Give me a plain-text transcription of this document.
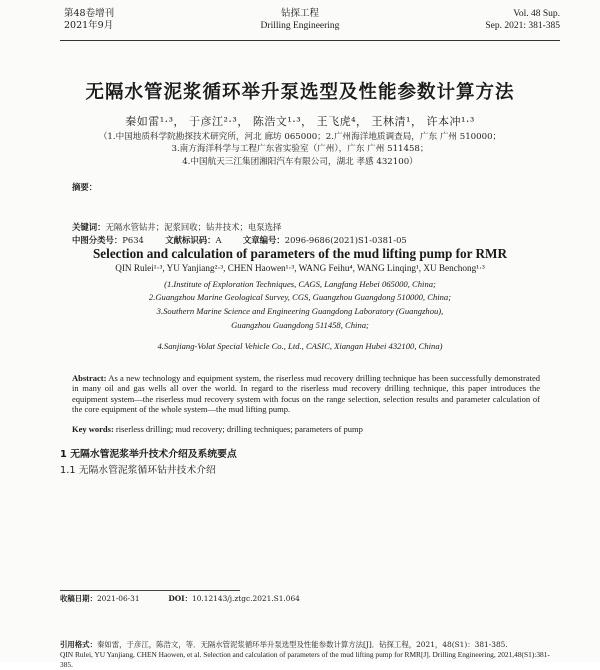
第48卷增刊
2021年9月
钻探工程
Drilling Engineering
Vol. 48 Sup.
Sep. 2021: 381-385
无隔水管泥浆循环举升泵选型及性能参数计算方法
秦如雷¹·³， 于彦江²·³， 陈浩文¹·³， 王飞虎⁴， 王林清¹， 许本冲¹·³
（1.中国地质科学院勘探技术研究所，河北 廊坊 065000；2.广州海洋地质调查局，广东 广州 510000；
3.南方海洋科学与工程广东省实验室（广州），广东 广州 511458；
4.中国航天三江集团湘阳汽车有限公司，湖北 孝感 432100）
摘要：
关键词：无隔水管钻井；泥浆回收；钻井技术；电泵选择
中图分类号：P634	文献标识码：A	文章编号：2096-9686(2021)S1-0381-05
Selection and calculation of parameters of the mud lifting pump for RMR
QIN Rulei¹·³, YU Yanjiang²·³, CHEN Haowen¹·³, WANG Feihu⁴, WANG Linqing¹, XU Benchong¹·³
(1.Institute of Exploration Techniques, CAGS, Langfang Hebei 065000, China;
2.Guangzhou Marine Geological Survey, CGS, Guangzhou Guangdong 510000, China;
3.Southern Marine Science and Engineering Guangdong Laboratory (Guangzhou),
Guangzhou Guangdong 511458, China;
4.Sanjiang-Volat Special Vehicle Co., Ltd., CASIC, Xiangan Hubei 432100, China)
Abstract: As a new technology and equipment system, the riserless mud recovery drilling technique has been successfully demonstrated in many oil and gas wells all over the world. In regard to the riserless mud recovery drilling technique, this paper introduces the equipment system—the riserless mud recovery system with focus on the range selection, selection results and parameter calculation of the core equipment of the whole system—the mud lifting pump.
Key words: riserless drilling; mud recovery; drilling techniques; parameters of pump
1 无隔水管泥浆举升技术介绍及系统要点
1.1 无隔水管泥浆循环钻井技术介绍
收稿日期：2021-06-31	DOI：10.12143/j.ztgc.2021.S1.064
引用格式：秦如雷，于彦江，陈浩文，等．无隔水管泥浆循环举升泵选型及性能参数计算方法[J]．钻探工程，2021，48(S1)：381-385.
QIN Rulei, YU Yanjiang, CHEN Haowen, et al. Selection and calculation of parameters of the mud lifting pump for RMR[J]. Drilling Engineering, 2021,48(S1):381-385.
